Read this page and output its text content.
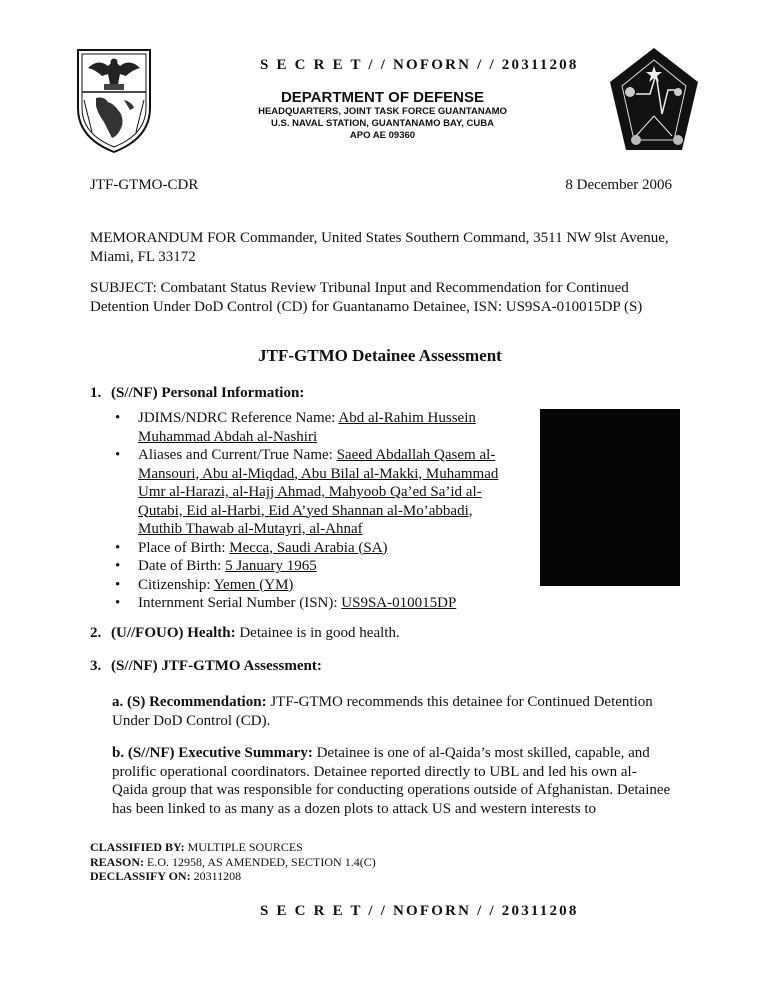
S E C R E T / / NOFORN / / 20311208
DEPARTMENT OF DEFENSE
HEADQUARTERS, JOINT TASK FORCE GUANTANAMO
U.S. NAVAL STATION, GUANTANAMO BAY, CUBA
APO AE 09360
JTF-GTMO-CDR	8 December 2006
MEMORANDUM FOR Commander, United States Southern Command, 3511 NW 9lst Avenue,
Miami, FL 33172
SUBJECT: Combatant Status Review Tribunal Input and Recommendation for Continued
Detention Under DoD Control (CD) for Guantanamo Detainee, ISN: US9SA-010015DP (S)
JTF-GTMO Detainee Assessment
1. (S//NF) Personal Information:
• JDIMS/NDRC Reference Name: Abd al-Rahim Hussein Muhammad Abdah al-Nashiri
• Aliases and Current/True Name: Saeed Abdallah Qasem al-Mansouri, Abu al-Miqdad, Abu Bilal al-Makki, Muhammad Umr al-Harazi, al-Hajj Ahmad, Mahyoob Qa’ed Sa’id al-Qutabi, Eid al-Harbi, Eid A’yed Shannan al-Mo’abbadi, Muthib Thawab al-Mutayri, al-Ahnaf
• Place of Birth: Mecca, Saudi Arabia (SA)
• Date of Birth: 5 January 1965
• Citizenship: Yemen (YM)
• Internment Serial Number (ISN): US9SA-010015DP
2. (U//FOUO) Health: Detainee is in good health.
3. (S//NF) JTF-GTMO Assessment:
a. (S) Recommendation: JTF-GTMO recommends this detainee for Continued Detention Under DoD Control (CD).
b. (S//NF) Executive Summary: Detainee is one of al-Qaida’s most skilled, capable, and prolific operational coordinators. Detainee reported directly to UBL and led his own al-Qaida group that was responsible for conducting operations outside of Afghanistan. Detainee has been linked to as many as a dozen plots to attack US and western interests to
CLASSIFIED BY: MULTIPLE SOURCES
REASON: E.O. 12958, AS AMENDED, SECTION 1.4(C)
DECLASSIFY ON: 20311208
S E C R E T / / NOFORN / / 20311208
